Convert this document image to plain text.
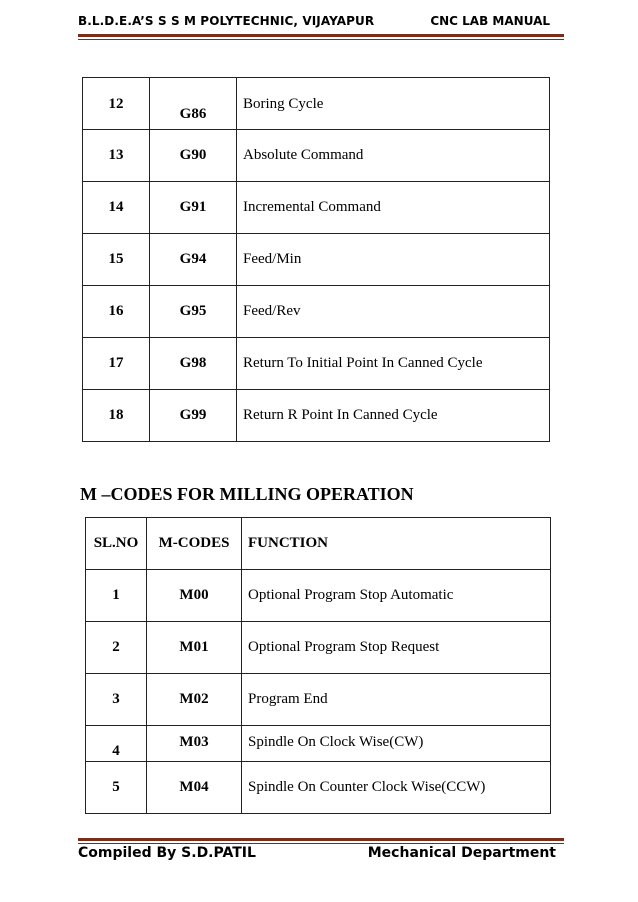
B.L.D.E.A’S S S M POLYTECHNIC, VIJAYAPUR	CNC LAB MANUAL
12	G86	Boring Cycle
13	G90	Absolute Command
14	G91	Incremental Command
15	G94	Feed/Min
16	G95	Feed/Rev
17	G98	Return To Initial Point In Canned Cycle
18	G99	Return R Point In Canned Cycle
M –CODES FOR MILLING OPERATION
SL.NO	M-CODES	FUNCTION
1	M00	Optional Program Stop Automatic
2	M01	Optional Program Stop Request
3	M02	Program End
4	M03	Spindle On Clock Wise(CW)
5	M04	Spindle On Counter Clock Wise(CCW)
Compiled By S.D.PATIL	Mechanical Department
